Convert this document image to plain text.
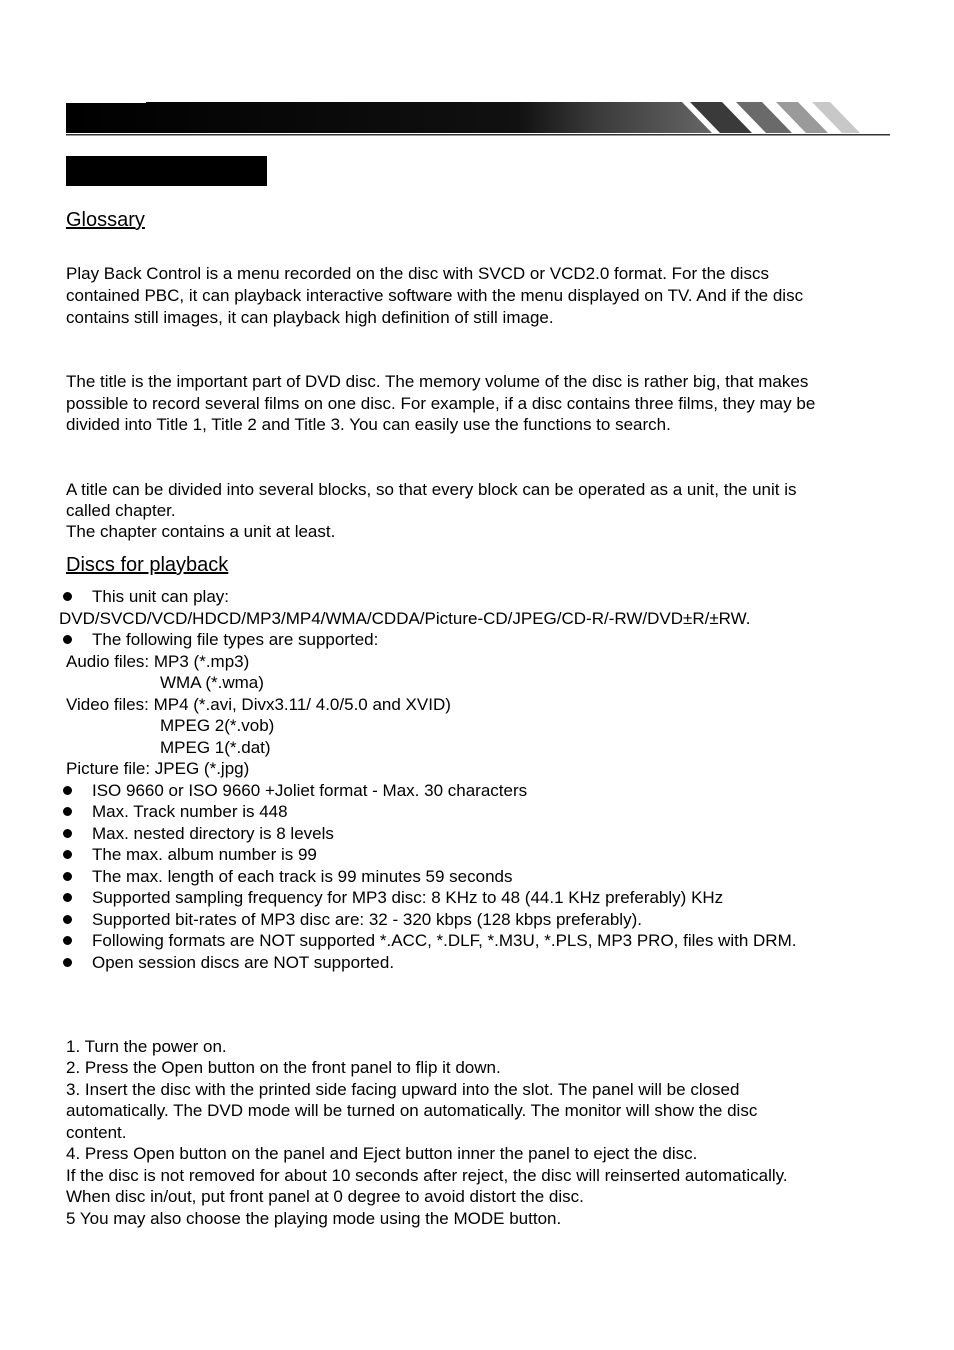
Glossary
Play Back Control is a menu recorded on the disc with SVCD or VCD2.0 format. For the discs
contained PBC, it can playback interactive software with the menu displayed on TV. And if the disc
contains still images, it can playback high definition of still image.
The title is the important part of DVD disc. The memory volume of the disc is rather big, that makes
possible to record several films on one disc. For example, if a disc contains three films, they may be
divided into Title 1, Title 2 and Title 3. You can easily use the functions to search.
A title can be divided into several blocks, so that every block can be operated as a unit, the unit is
called chapter.
The chapter contains a unit at least.
Discs for playback
This unit can play:
DVD/SVCD/VCD/HDCD/MP3/MP4/WMA/CDDA/Picture-CD/JPEG/CD-R/-RW/DVD±R/±RW.
The following file types are supported:
Audio files: MP3 (*.mp3)
WMA (*.wma)
Video files: MP4 (*.avi, Divx3.11/ 4.0/5.0 and XVID)
MPEG 2(*.vob)
MPEG 1(*.dat)
Picture file: JPEG (*.jpg)
ISO 9660 or ISO 9660 +Joliet format - Max. 30 characters
Max. Track number is 448
Max. nested directory is 8 levels
The max. album number is 99
The max. length of each track is 99 minutes 59 seconds
Supported sampling frequency for MP3 disc: 8 KHz to 48 (44.1 KHz preferably) KHz
Supported bit-rates of MP3 disc are: 32 - 320 kbps (128 kbps preferably).
Following formats are NOT supported *.ACC, *.DLF, *.M3U, *.PLS, MP3 PRO, files with DRM.
Open session discs are NOT supported.
1. Turn the power on.
2. Press the Open button on the front panel to flip it down.
3. Insert the disc with the printed side facing upward into the slot. The panel will be closed
automatically. The DVD mode will be turned on automatically. The monitor will show the disc
content.
4. Press Open button on the panel and Eject button inner the panel to eject the disc.
If the disc is not removed for about 10 seconds after reject, the disc will reinserted automatically.
When disc in/out, put front panel at 0 degree to avoid distort the disc.
5 You may also choose the playing mode using the MODE button.
